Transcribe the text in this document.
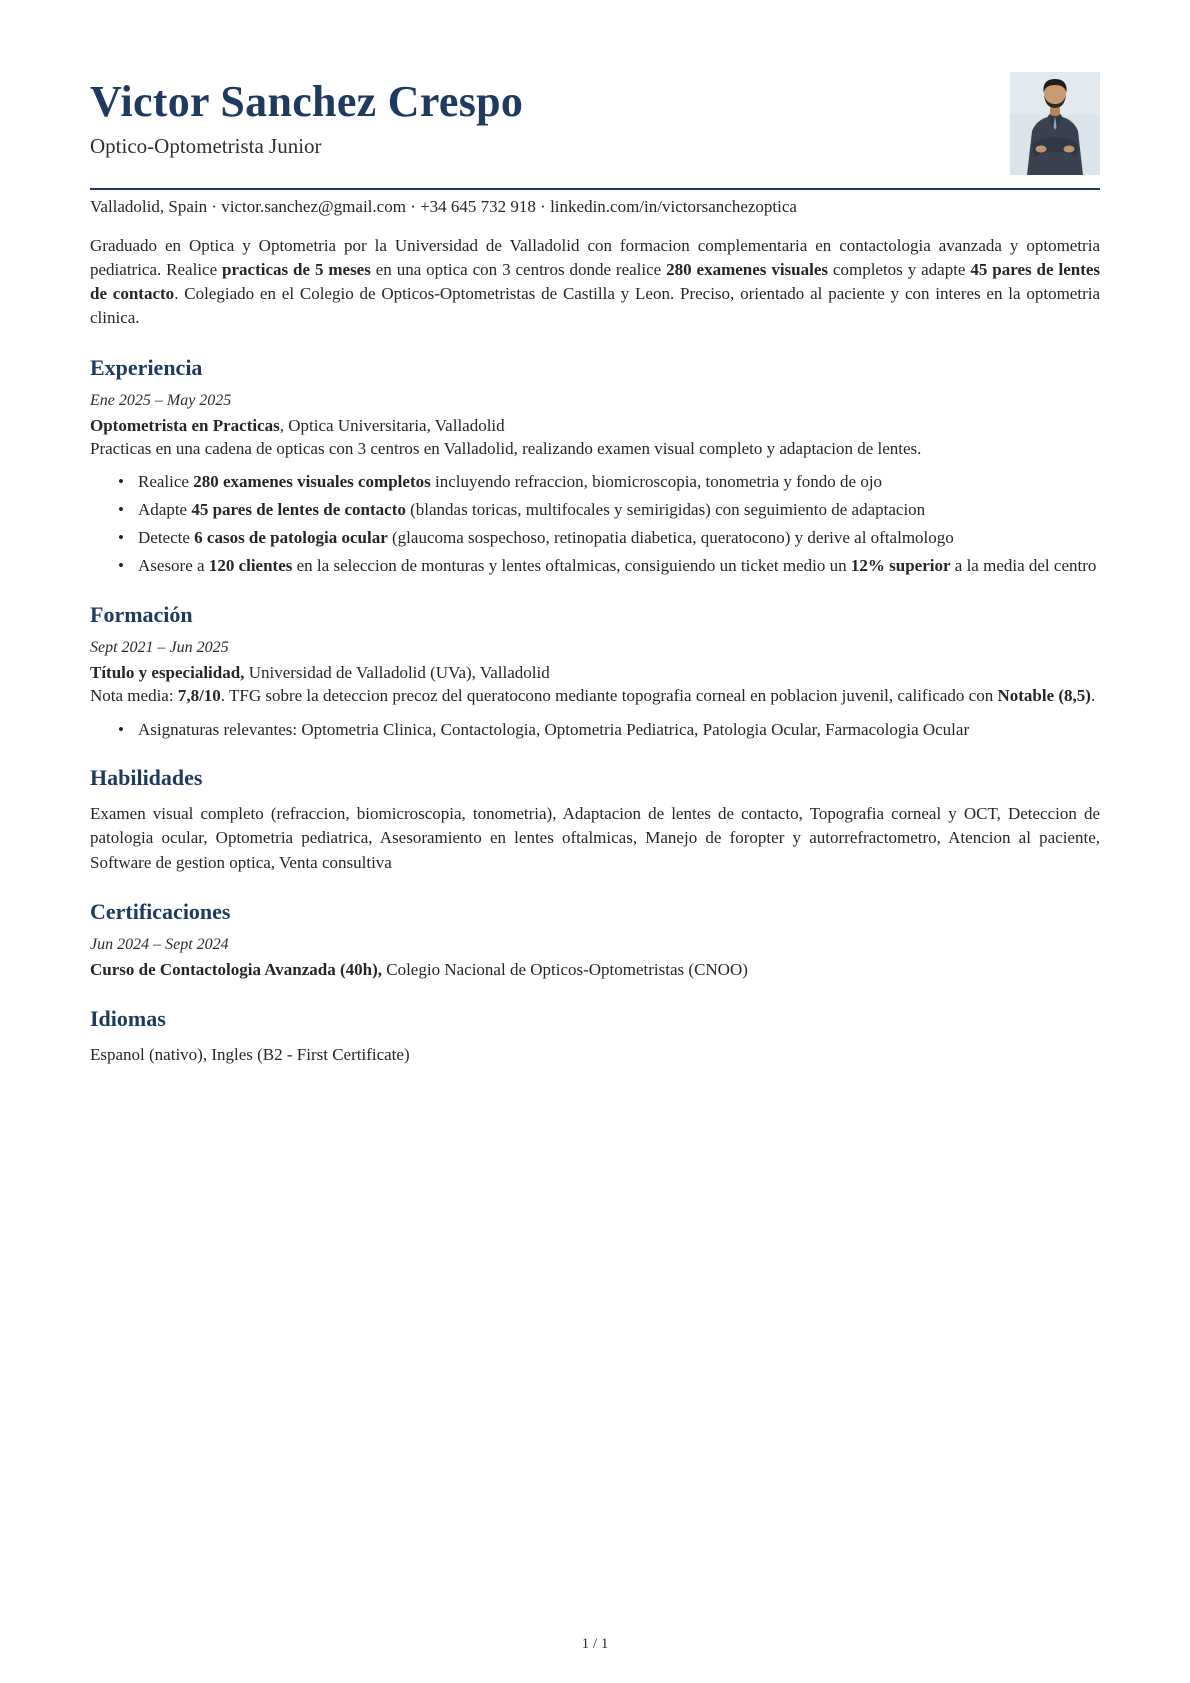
Victor Sanchez Crespo
Optico-Optometrista Junior
Valladolid, Spain · victor.sanchez@gmail.com · +34 645 732 918 · linkedin.com/in/victorsanchezoptica

Graduado en Optica y Optometria por la Universidad de Valladolid con formacion complementaria en contactologia avanzada y optometria pediatrica. Realice practicas de 5 meses en una optica con 3 centros donde realice 280 examenes visuales completos y adapte 45 pares de lentes de contacto. Colegiado en el Colegio de Opticos-Optometristas de Castilla y Leon. Preciso, orientado al paciente y con interes en la optometria clinica.

Experiencia
Ene 2025 – May 2025
Optometrista en Practicas, Optica Universitaria, Valladolid
Practicas en una cadena de opticas con 3 centros en Valladolid, realizando examen visual completo y adaptacion de lentes.
• Realice 280 examenes visuales completos incluyendo refraccion, biomicroscopia, tonometria y fondo de ojo
• Adapte 45 pares de lentes de contacto (blandas toricas, multifocales y semirigidas) con seguimiento de adaptacion
• Detecte 6 casos de patologia ocular (glaucoma sospechoso, retinopatia diabetica, queratocono) y derive al oftalmologo
• Asesore a 120 clientes en la seleccion de monturas y lentes oftalmicas, consiguiendo un ticket medio un 12% superior a la media del centro
Formación
Sept 2021 – Jun 2025
Título y especialidad, Universidad de Valladolid (UVa), Valladolid
Nota media: 7,8/10. TFG sobre la deteccion precoz del queratocono mediante topografia corneal en poblacion juvenil, calificado con Notable (8,5).
• Asignaturas relevantes: Optometria Clinica, Contactologia, Optometria Pediatrica, Patologia Ocular, Farmacologia Ocular
Habilidades

Examen visual completo (refraccion, biomicroscopia, tonometria), Adaptacion de lentes de contacto, Topografia corneal y OCT, Deteccion de patologia ocular, Optometria pediatrica, Asesoramiento en lentes oftalmicas, Manejo de foropter y autorrefractometro, Atencion al paciente, Software de gestion optica, Venta consultiva

Certificaciones
Jun 2024 – Sept 2024
Curso de Contactologia Avanzada (40h), Colegio Nacional de Opticos-Optometristas (CNOO)
Idiomas

Espanol (nativo), Ingles (B2 - First Certificate)

1 / 1
